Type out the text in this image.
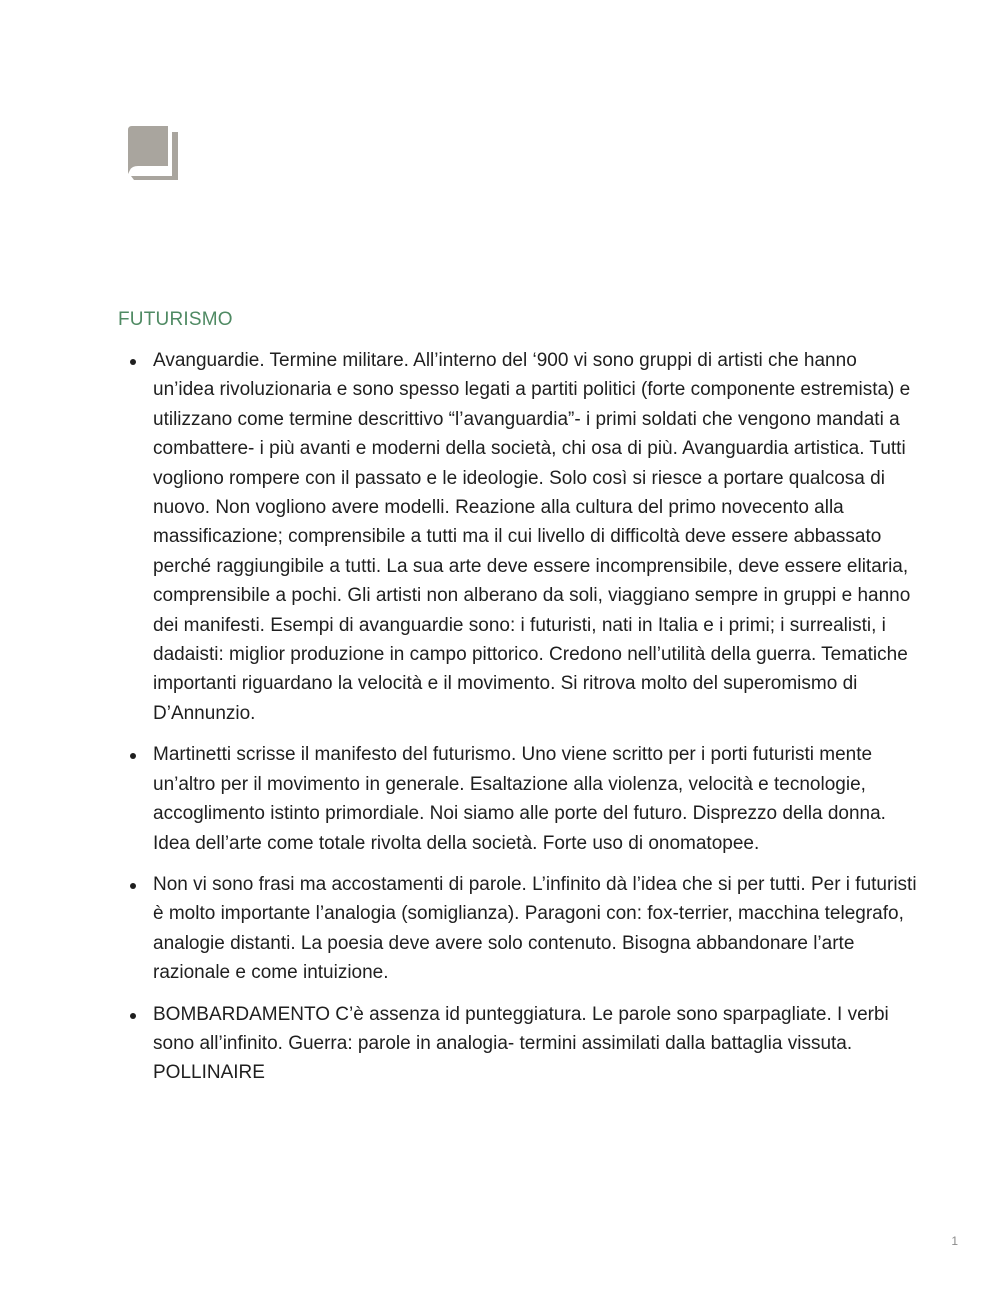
FUTURISMO
Avanguardie. Termine militare. All’interno del ‘900 vi sono gruppi di artisti che hanno un’idea rivoluzionaria e sono spesso legati a partiti politici (forte componente estremista) e utilizzano come termine descrittivo “l’avanguardia”- i primi soldati che vengono mandati a combattere- i più avanti e moderni della società, chi osa di più. Avanguardia artistica. Tutti vogliono rompere con il passato e le ideologie. Solo così si riesce a portare qualcosa di nuovo. Non vogliono avere modelli. Reazione alla cultura del primo novecento alla massificazione; comprensibile a tutti ma il cui livello di difficoltà deve essere abbassato perché raggiungibile a tutti. La sua arte deve essere incomprensibile, deve essere elitaria, comprensibile a pochi. Gli artisti non alberano da soli, viaggiano sempre in gruppi e hanno dei manifesti. Esempi di avanguardie sono: i futuristi, nati in Italia e i primi; i surrealisti, i dadaisti: miglior produzione in campo pittorico. Credono nell’utilità della guerra. Tematiche importanti riguardano la velocità e il movimento. Si ritrova molto del superomismo di D’Annunzio.
Martinetti scrisse il manifesto del futurismo. Uno viene scritto per i porti futuristi mente un’altro per il movimento in generale. Esaltazione alla violenza, velocità e tecnologie, accoglimento istinto primordiale. Noi siamo alle porte del futuro. Disprezzo della donna. Idea dell’arte come totale rivolta della società. Forte uso di onomatopee.
Non vi sono frasi ma accostamenti di parole. L’infinito dà l’idea che si per tutti. Per i futuristi è molto importante l’analogia (somiglianza). Paragoni con: fox-terrier, macchina telegrafo, analogie distanti. La poesia deve avere solo contenuto. Bisogna abbandonare l’arte razionale e come intuizione.
BOMBARDAMENTO C’è assenza id punteggiatura. Le parole sono sparpagliate. I verbi sono all’infinito. Guerra: parole in analogia- termini assimilati dalla battaglia vissuta. POLLINAIRE
1
